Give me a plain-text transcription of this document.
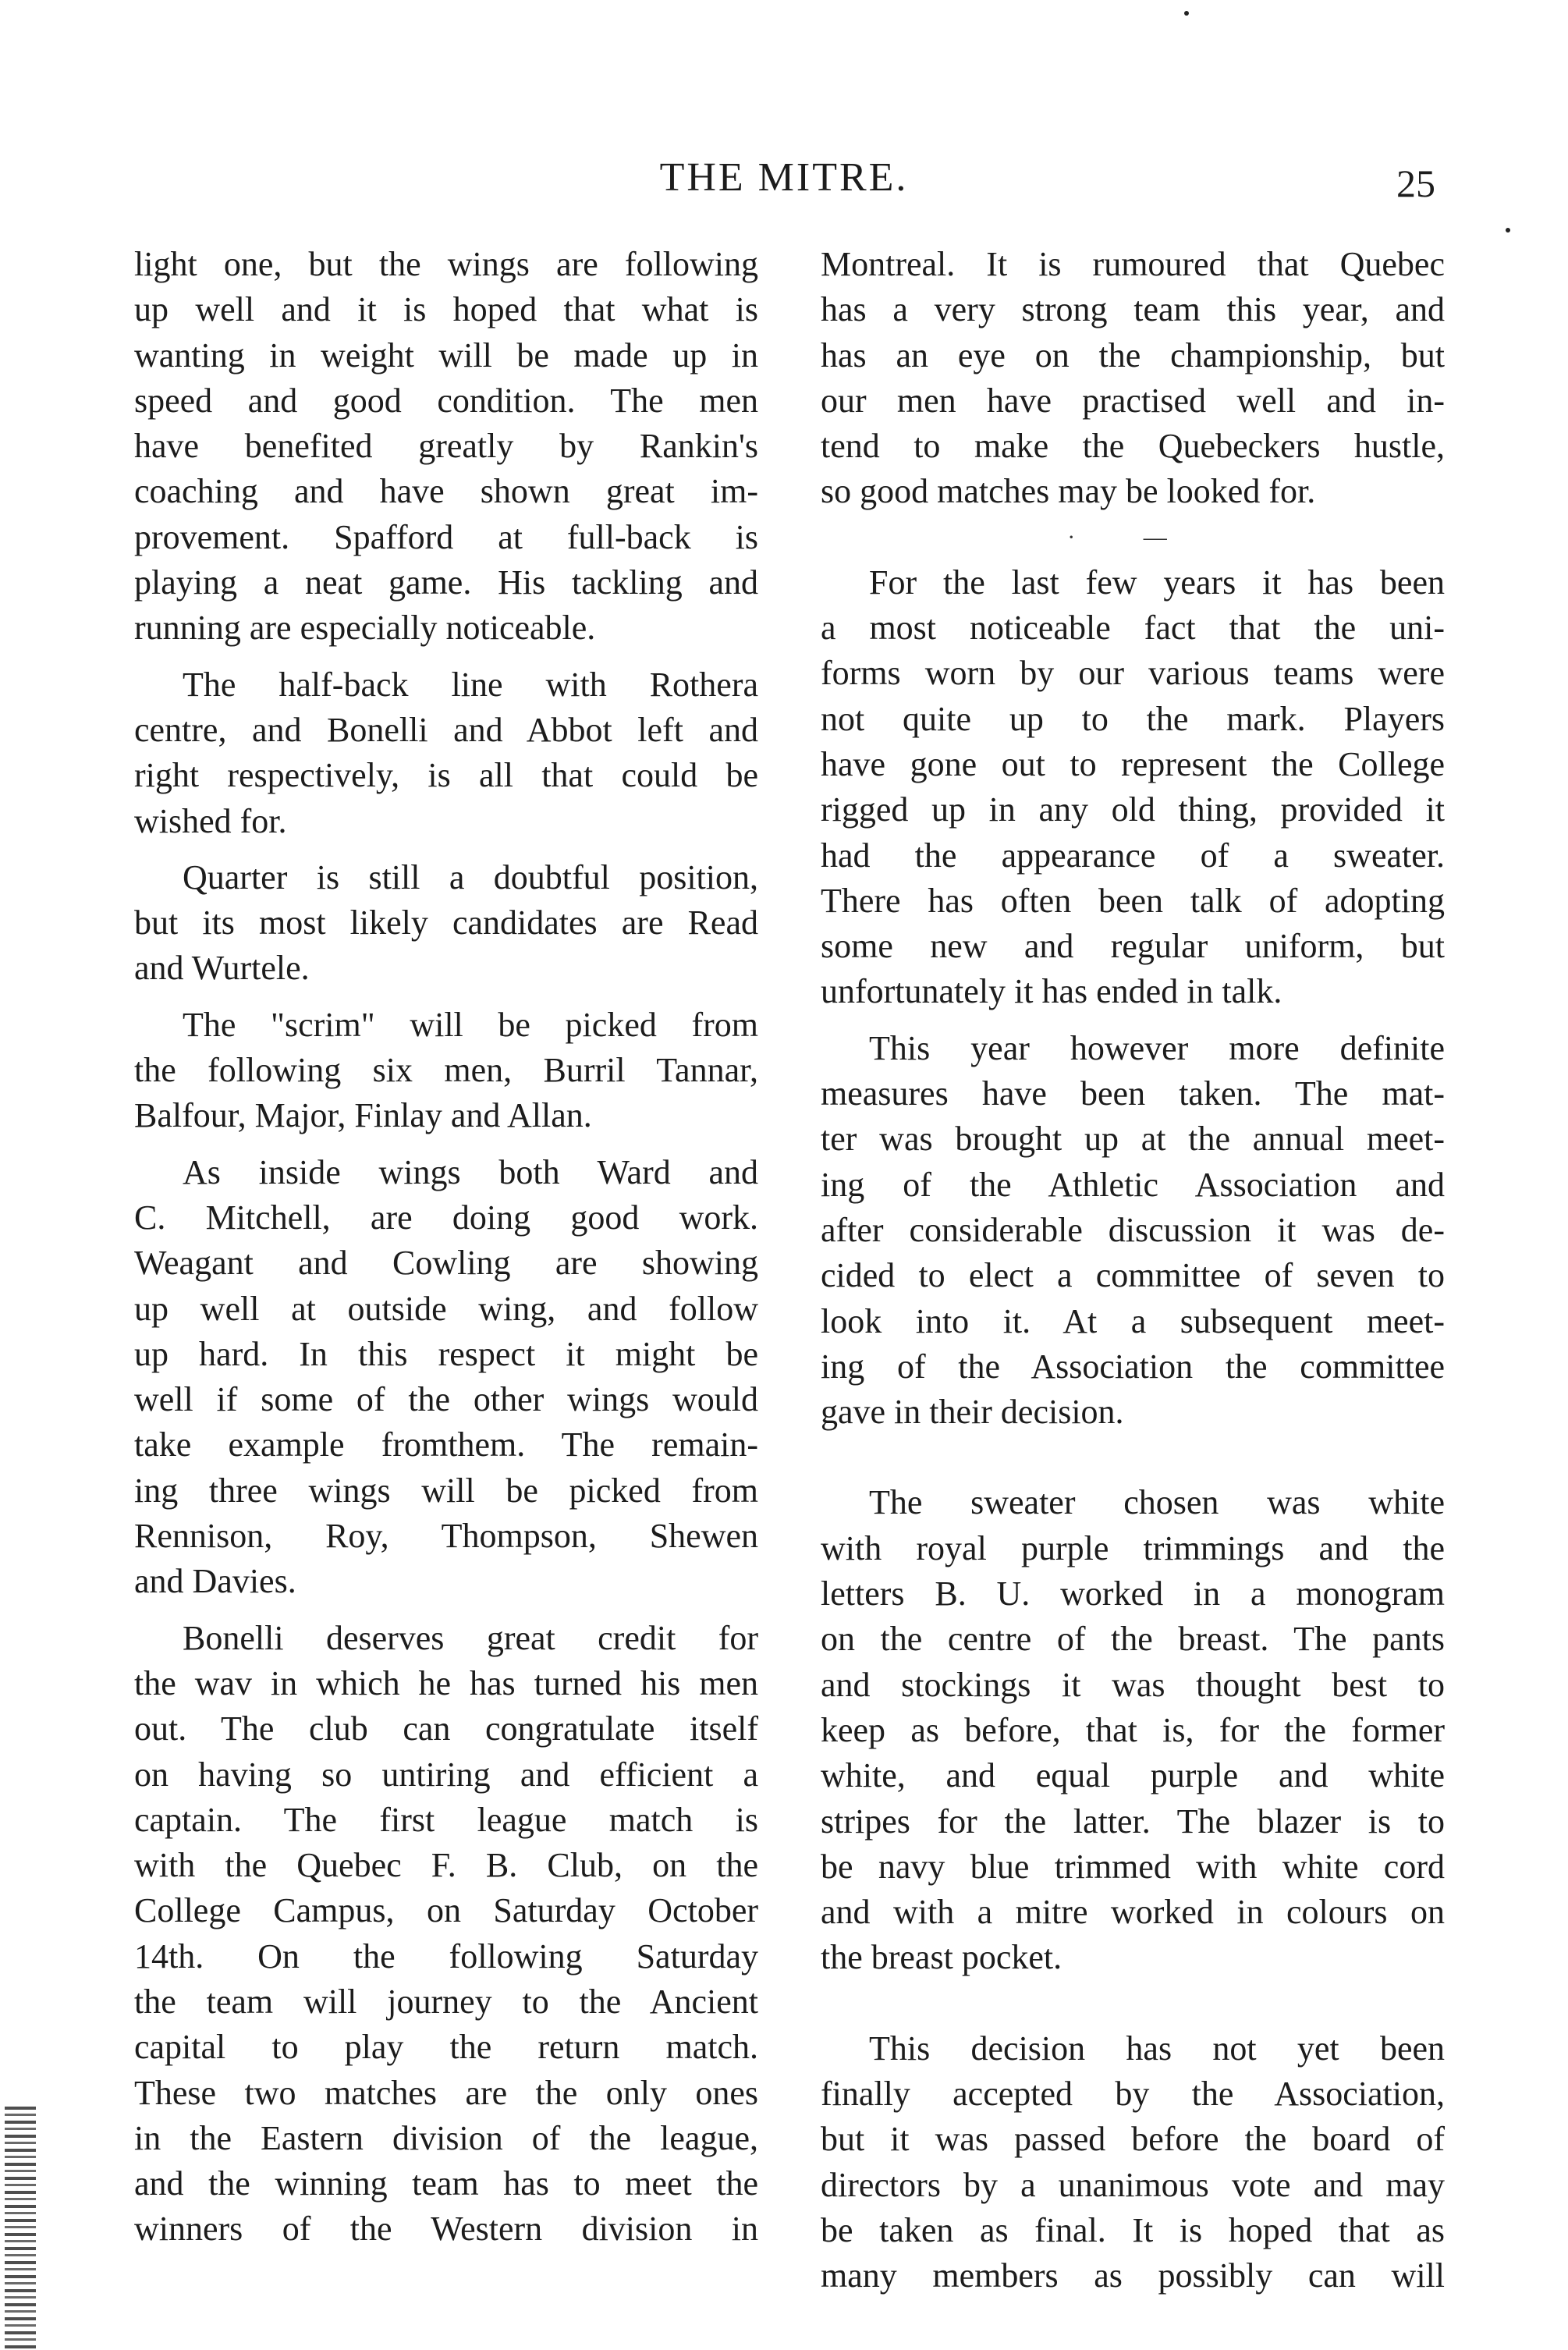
THE MITRE.	25
light one, but the wings are following
up well and it is hoped that what is
wanting in weight will be made up in
speed and good condition. The men
have benefited greatly by Rankin's
coaching and have shown great im-
provement. Spafford at full-back is
playing a neat game. His tackling and
running are especially noticeable.
The half-back line with Rothera
centre, and Bonelli and Abbot left and
right respectively, is all that could be
wished for.
Quarter is still a doubtful position,
but its most likely candidates are Read
and Wurtele.
The "scrim" will be picked from
the following six men, Burril Tannar,
Balfour, Major, Finlay and Allan.
As inside wings both Ward and
C. Mitchell, are doing good work.
Weagant and Cowling are showing
up well at outside wing, and follow
up hard. In this respect it might be
well if some of the other wings would
take example fromthem. The remain-
ing three wings will be picked from
Rennison, Roy, Thompson, Shewen
and Davies.
Bonelli deserves great credit for
the wav in which he has turned his men
out. The club can congratulate itself
on having so untiring and efficient a
captain. The first league match is
with the Quebec F. B. Club, on the
College Campus, on Saturday October
14th. On the following Saturday
the team will journey to the Ancient
capital to play the return match.
These two matches are the only ones
in the Eastern division of the league,
and the winning team has to meet the
winners of the Western division in
Montreal. It is rumoured that Quebec
has a very strong team this year, and
has an eye on the championship, but
our men have practised well and in-
tend to make the Quebeckers hustle,
so good matches may be looked for.
· —
For the last few years it has been
a most noticeable fact that the uni-
forms worn by our various teams were
not quite up to the mark. Players
have gone out to represent the College
rigged up in any old thing, provided it
had the appearance of a sweater.
There has often been talk of adopting
some new and regular uniform, but
unfortunately it has ended in talk.
This year however more definite
measures have been taken. The mat-
ter was brought up at the annual meet-
ing of the Athletic Association and
after considerable discussion it was de-
cided to elect a committee of seven to
look into it. At a subsequent meet-
ing of the Association the committee
gave in their decision.
The sweater chosen was white
with royal purple trimmings and the
letters B. U. worked in a monogram
on the centre of the breast. The pants
and stockings it was thought best to
keep as before, that is, for the former
white, and equal purple and white
stripes for the latter. The blazer is to
be navy blue trimmed with white cord
and with a mitre worked in colours on
the breast pocket.
This decision has not yet been
finally accepted by the Association,
but it was passed before the board of
directors by a unanimous vote and may
be taken as final. It is hoped that as
many members as possibly can will
